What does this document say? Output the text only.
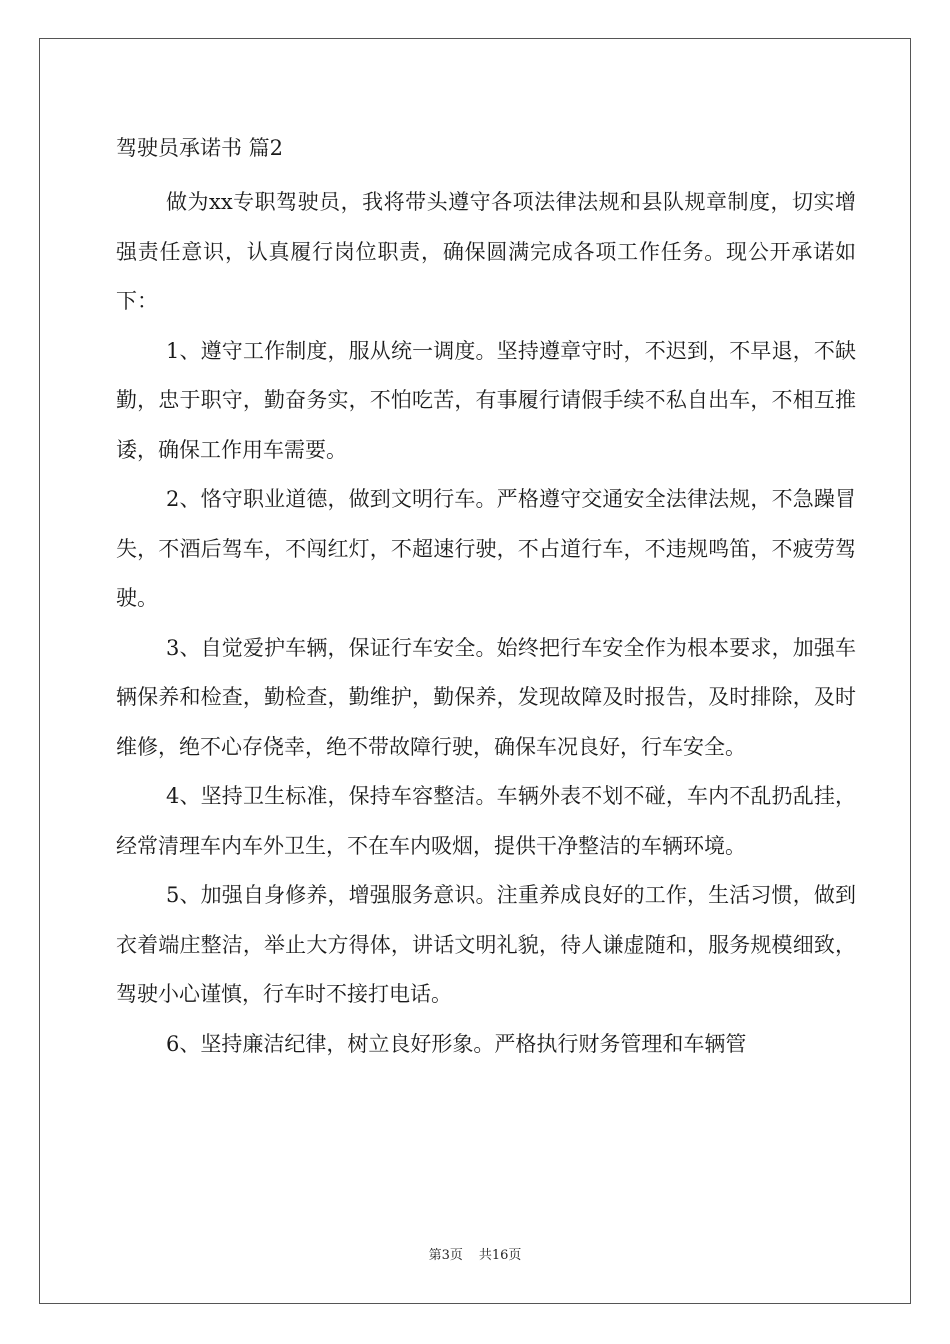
驾驶员承诺书 篇2

做为xx专职驾驶员，我将带头遵守各项法律法规和县队规章制度，切实增强责任意识，认真履行岗位职责，确保圆满完成各项工作任务。现公开承诺如下：

1、遵守工作制度，服从统一调度。坚持遵章守时，不迟到，不早退，不缺勤，忠于职守，勤奋务实，不怕吃苦，有事履行请假手续不私自出车，不相互推诿，确保工作用车需要。

2、恪守职业道德，做到文明行车。严格遵守交通安全法律法规，不急躁冒失，不酒后驾车，不闯红灯，不超速行驶，不占道行车，不违规鸣笛，不疲劳驾驶。

3、自觉爱护车辆，保证行车安全。始终把行车安全作为根本要求，加强车辆保养和检查，勤检查，勤维护，勤保养，发现故障及时报告，及时排除，及时维修，绝不心存侥幸，绝不带故障行驶，确保车况良好，行车安全。

4、坚持卫生标准，保持车容整洁。车辆外表不划不碰，车内不乱扔乱挂，经常清理车内车外卫生，不在车内吸烟，提供干净整洁的车辆环境。

5、加强自身修养，增强服务意识。注重养成良好的工作，生活习惯，做到衣着端庄整洁，举止大方得体，讲话文明礼貌，待人谦虚随和，服务规模细致，驾驶小心谨慎，行车时不接打电话。

6、坚持廉洁纪律，树立良好形象。严格执行财务管理和车辆管

第3页 共16页
